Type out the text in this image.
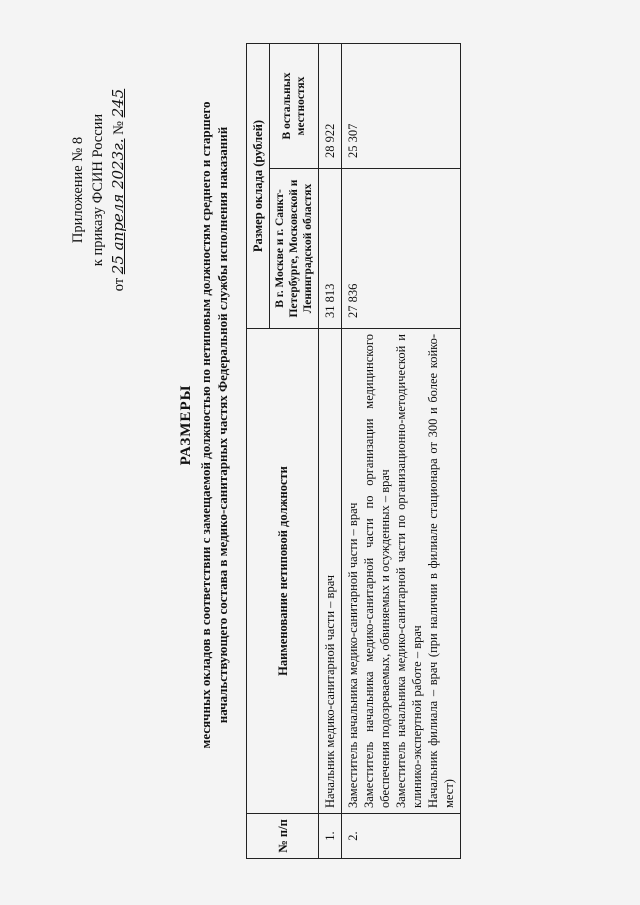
Приложение № 8 к приказу ФСИН России
от 25 апреля 2023г. № 245
РАЗМЕРЫ месячных окладов в соответствии с замещаемой должностью по нетиповым должностям среднего и старшего начальствующего состава в медико-санитарных частях Федеральной службы исполнения наказаний
№ п/п	Наименование нетиповой должности	Размер оклада (рублей)	
		В г. Москве и г. Санкт-Петербурге, Московской и Ленинградской областях	В остальных местностях
1.	Начальник медико-санитарной части – врач	31 813	28 922
2.	Заместитель начальника медико-санитарной части – врач Заместитель начальника медико-санитарной части по организации медицинского обеспечения подозреваемых, обвиняемых и осужденных – врач Заместитель начальника медико-санитарной части по организационно-методической и клинико-экспертной работе – врач Начальник филиала – врач (при наличии в филиале стационара от 300 и более койко-мест)	27 836	25 307
